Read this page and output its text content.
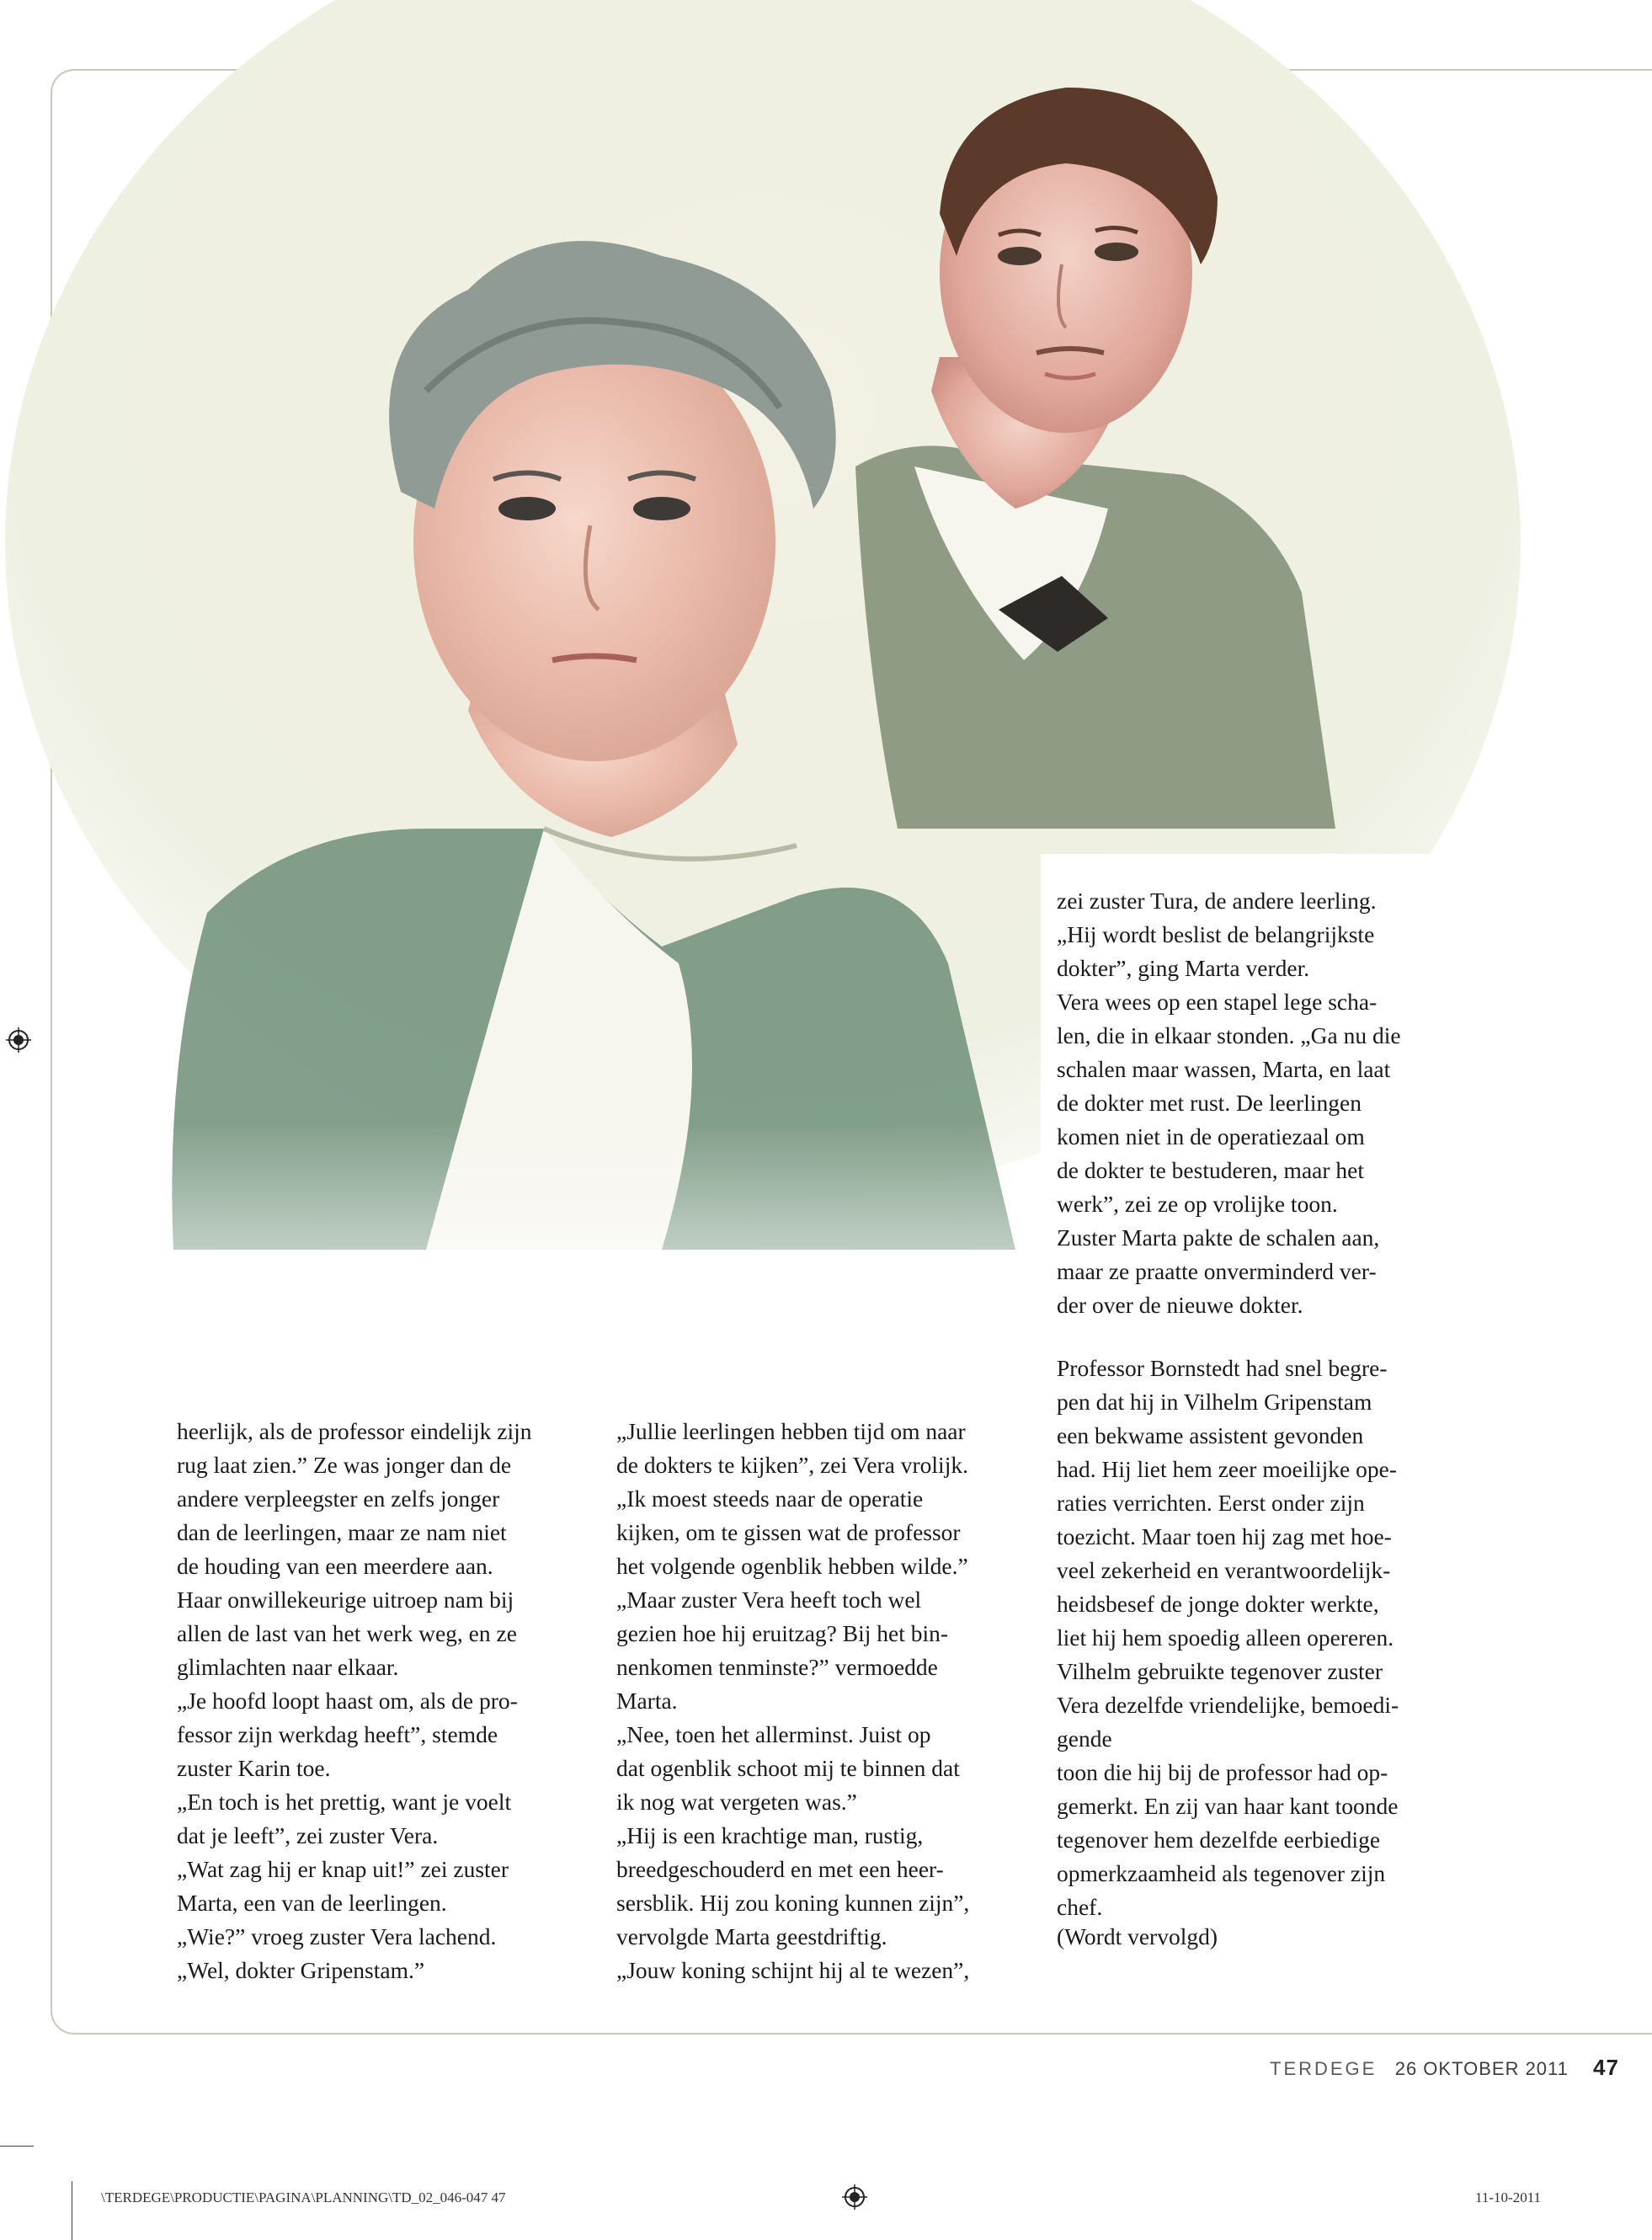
heerlijk, als de professor eindelijk zijn

rug laat zien.” Ze was jonger dan de

andere verpleegster en zelfs jonger

dan de leerlingen, maar ze nam niet

de houding van een meerdere aan.

Haar onwillekeurige uitroep nam bij

allen de last van het werk weg, en ze

glimlachten naar elkaar.

„Je hoofd loopt haast om, als de pro-

fessor zijn werkdag heeft”, stemde

zuster Karin toe.

„En toch is het prettig, want je voelt

dat je leeft”, zei zuster Vera.

„Wat zag hij er knap uit!” zei zuster

Marta, een van de leerlingen.

„Wie?” vroeg zuster Vera lachend.

„Wel, dokter Gripenstam.”

„Jullie leerlingen hebben tijd om naar

de dokters te kijken”, zei Vera vrolijk.

„Ik moest steeds naar de operatie

kijken, om te gissen wat de professor

het volgende ogenblik hebben wilde.”

„Maar zuster Vera heeft toch wel

gezien hoe hij eruitzag? Bij het bin-

nenkomen tenminste?” vermoedde

Marta.

„Nee, toen het allerminst. Juist op

dat ogenblik schoot mij te binnen dat

ik nog wat vergeten was.”

„Hij is een krachtige man, rustig,

breedgeschouderd en met een heer-

sersblik. Hij zou koning kunnen zijn”,

vervolgde Marta geestdriftig.

„Jouw koning schijnt hij al te wezen”,

zei zuster Tura, de andere leerling.

„Hij wordt beslist de belangrijkste

dokter”, ging Marta verder.

Vera wees op een stapel lege scha-

len, die in elkaar stonden. „Ga nu die

schalen maar wassen, Marta, en laat

de dokter met rust. De leerlingen

komen niet in de operatiezaal om

de dokter te bestuderen, maar het

werk”, zei ze op vrolijke toon.

Zuster Marta pakte de schalen aan,

maar ze praatte onverminderd ver-

der over de nieuwe dokter.

Professor Bornstedt had snel begre-

pen dat hij in Vilhelm Gripenstam

een bekwame assistent gevonden

had. Hij liet hem zeer moeilijke ope-

raties verrichten. Eerst onder zijn

toezicht. Maar toen hij zag met hoe-

veel zekerheid en verantwoordelijk-

heidsbesef de jonge dokter werkte,

liet hij hem spoedig alleen opereren.

Vilhelm gebruikte tegenover zuster

Vera dezelfde vriendelijke, bemoedi-

gende

toon die hij bij de professor had op-

gemerkt. En zij van haar kant toonde

tegenover hem dezelfde eerbiedige

opmerkzaamheid als tegenover zijn

chef.

(Wordt vervolgd)

TERDEGE 26 OKTOBER 2011 47
\TERDEGE\PRODUCTIE\PAGINA\PLANNING\TD_02_046-047 47	11-10-2011
